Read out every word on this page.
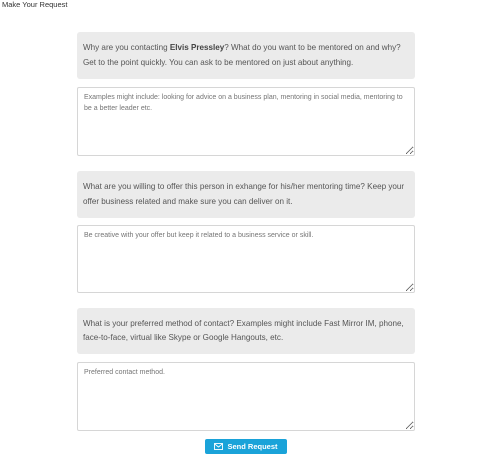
Make Your Request
Why are you contacting Elvis Pressley? What do you want to be mentored on and why? Get to the point quickly. You can ask to be mentored on just about anything.
Examples might include: looking for advice on a business plan, mentoring in social media, mentoring to be a better leader etc.
What are you willing to offer this person in exhange for his/her mentoring time? Keep your offer business related and make sure you can deliver on it.
Be creative with your offer but keep it related to a business service or skill.
What is your preferred method of contact? Examples might include Fast Mirror IM, phone, face-to-face, virtual like Skype or Google Hangouts, etc.
Preferred contact method.
Send Request
